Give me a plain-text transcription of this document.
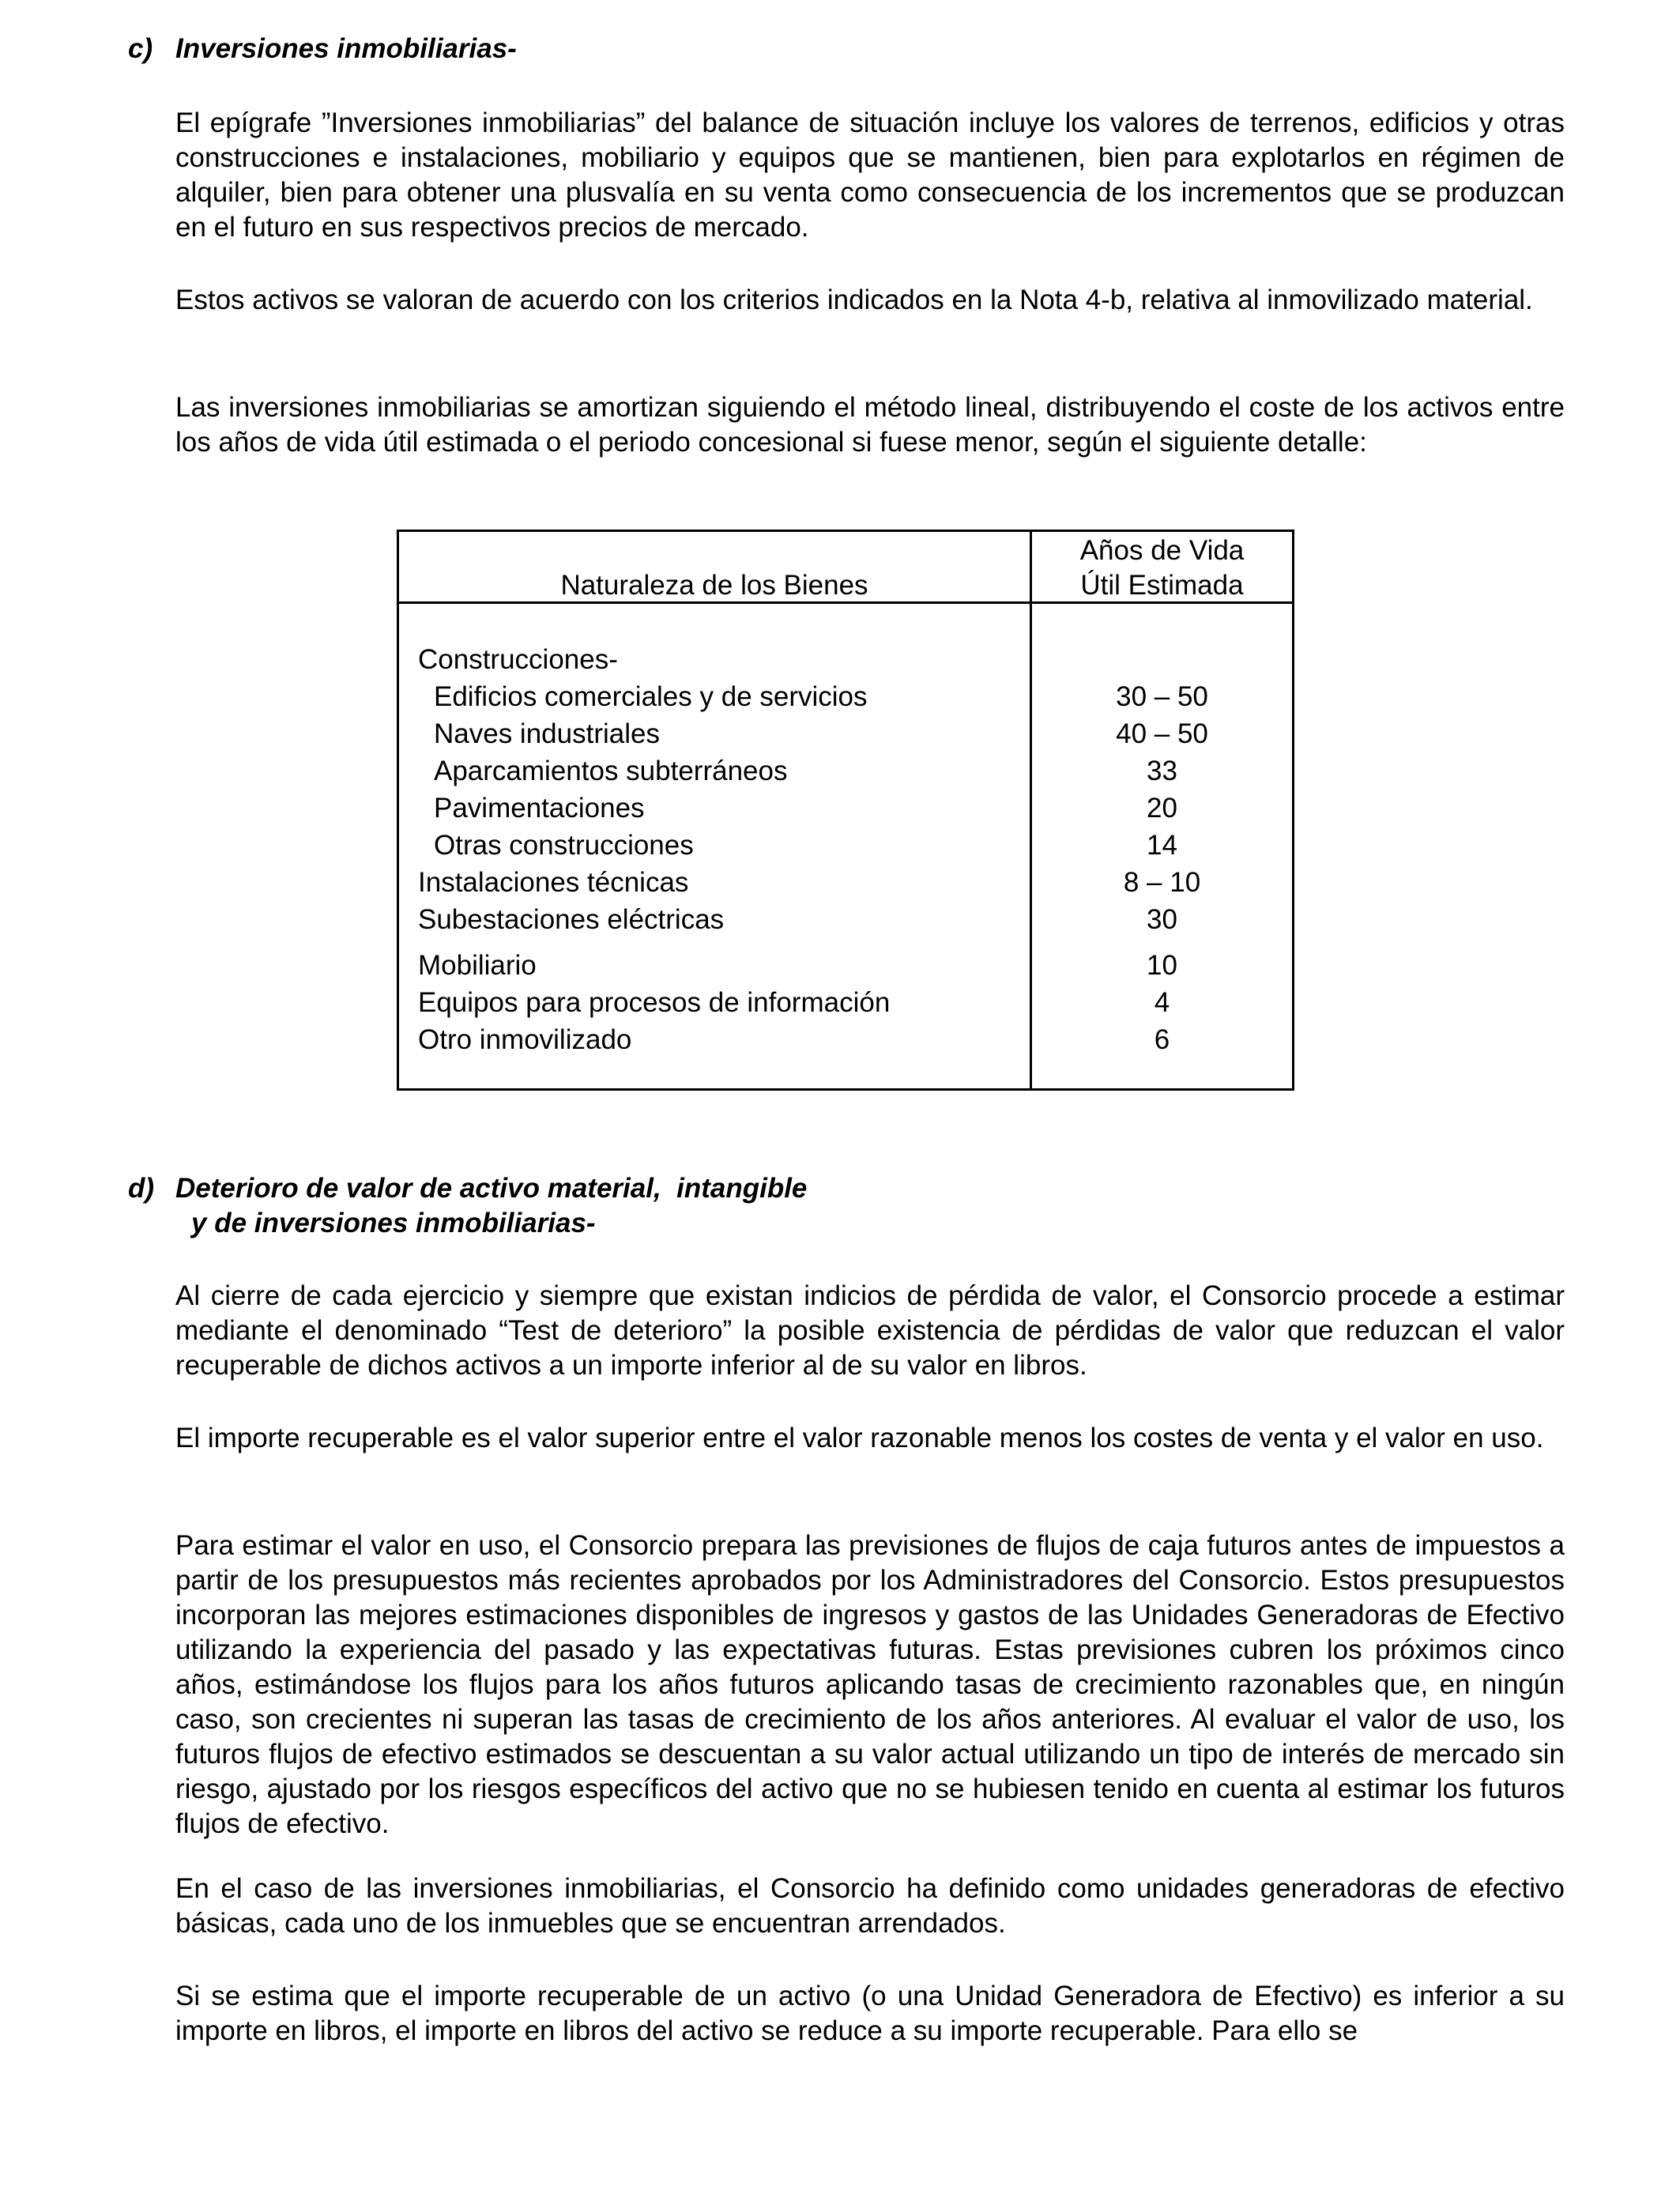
c) Inversiones inmobiliarias-

El epígrafe ”Inversiones inmobiliarias” del balance de situación incluye los valores de terrenos, edificios y otras construcciones e instalaciones, mobiliario y equipos que se mantienen, bien para explotarlos en régimen de alquiler, bien para obtener una plusvalía en su venta como consecuencia de los incrementos que se produzcan en el futuro en sus respectivos precios de mercado.

Estos activos se valoran de acuerdo con los criterios indicados en la Nota 4-b, relativa al inmovilizado material.

Las inversiones inmobiliarias se amortizan siguiendo el método lineal, distribuyendo el coste de los activos entre los años de vida útil estimada o el periodo concesional si fuese menor, según el siguiente detalle:

Naturaleza de los Bienes
Años de Vida
Útil Estimada
Construcciones-
Edificios comerciales y de servicios	30 – 50
Naves industriales	40 – 50
Aparcamientos subterráneos	33
Pavimentaciones	20
Otras construcciones	14
Instalaciones técnicas	8 – 10
Subestaciones eléctricas	30
Mobiliario	10
Equipos para procesos de información	4
Otro inmovilizado	6
d) Deterioro de valor de activo material,  intangible
y de inversiones inmobiliarias-

Al cierre de cada ejercicio y siempre que existan indicios de pérdida de valor, el Consorcio procede a estimar mediante el denominado “Test de deterioro” la posible existencia de pérdidas de valor que reduzcan el valor recuperable de dichos activos a un importe inferior al de su valor en libros.

El importe recuperable es el valor superior entre el valor razonable menos los costes de venta y el valor en uso.

Para estimar el valor en uso, el Consorcio prepara las previsiones de flujos de caja futuros antes de impuestos a partir de los presupuestos más recientes aprobados por los Administradores del Consorcio. Estos presupuestos incorporan las mejores estimaciones disponibles de ingresos y gastos de las Unidades Generadoras de Efectivo utilizando la experiencia del pasado y las expectativas futuras. Estas previsiones cubren los próximos cinco años, estimándose los flujos para los años futuros aplicando tasas de crecimiento razonables que, en ningún caso, son crecientes ni superan las tasas de crecimiento de los años anteriores. Al evaluar el valor de uso, los futuros flujos de efectivo estimados se descuentan a su valor actual utilizando un tipo de interés de mercado sin riesgo, ajustado por los riesgos específicos del activo que no se hubiesen tenido en cuenta al estimar los futuros flujos de efectivo.

En el caso de las inversiones inmobiliarias, el Consorcio ha definido como unidades generadoras de efectivo básicas, cada uno de los inmuebles que se encuentran arrendados.

Si se estima que el importe recuperable de un activo (o una Unidad Generadora de Efectivo) es inferior a su importe en libros, el importe en libros del activo se reduce a su importe recuperable. Para ello se
